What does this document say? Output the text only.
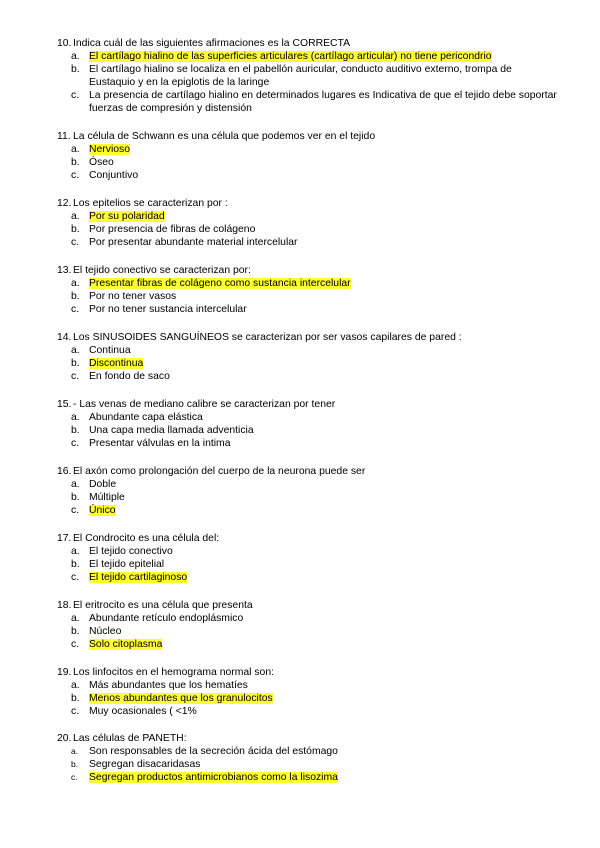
10. Indica cuál de las siguientes afirmaciones es la CORRECTA
a. El cartílago hialino de las superficies articulares (cartílago articular) no tiene pericondrio
b. El cartílago hialino se localiza en el pabellón auricular, conducto auditivo externo, trompa de Eustaquio y en la epiglotis de la laringe
c. La presencia de cartílago hialino en determinados lugares es Indicativa de que el tejido debe soportar fuerzas de compresión y distensión
11. La célula de Schwann es una célula que podemos ver en el tejido
a. Nervioso
b. Óseo
c. Conjuntivo
12. Los epitelios se caracterizan por :
a. Por su polaridad
b. Por presencia de fibras de colágeno
c. Por presentar abundante material intercelular
13. El tejido conectivo se caracterizan por:
a. Presentar fibras de colágeno como sustancia intercelular
b. Por no tener vasos
c. Por no tener sustancia intercelular
14. Los SINUSOIDES SANGUÍNEOS se caracterizan por ser vasos capilares de pared :
a. Continua
b. Discontinua
c. En fondo de saco
15. - Las venas de mediano calibre se caracterizan por tener
a. Abundante capa elástica
b. Una capa media llamada adventicia
c. Presentar válvulas en la intima
16. El axón como prolongación del cuerpo de la neurona puede ser
a. Doble
b. Múltiple
c. Único
17. El Condrocito es una célula del:
a. El tejido conectivo
b. El tejido epitelial
c. El tejido cartilaginoso
18. El eritrocito es una célula que presenta
a. Abundante retículo endoplásmico
b. Núcleo
c. Solo citoplasma
19. Los linfocitos en el hemograma normal son:
a. Más abundantes que los hematíes
b. Menos abundantes que los granulocitos
c. Muy ocasionales ( <1%
20. Las células de PANETH:
a.	Son responsables de la secreción ácida del estómago
b.	Segregan disacaridasas
c.	Segregan productos antimicrobianos como la lisozima
